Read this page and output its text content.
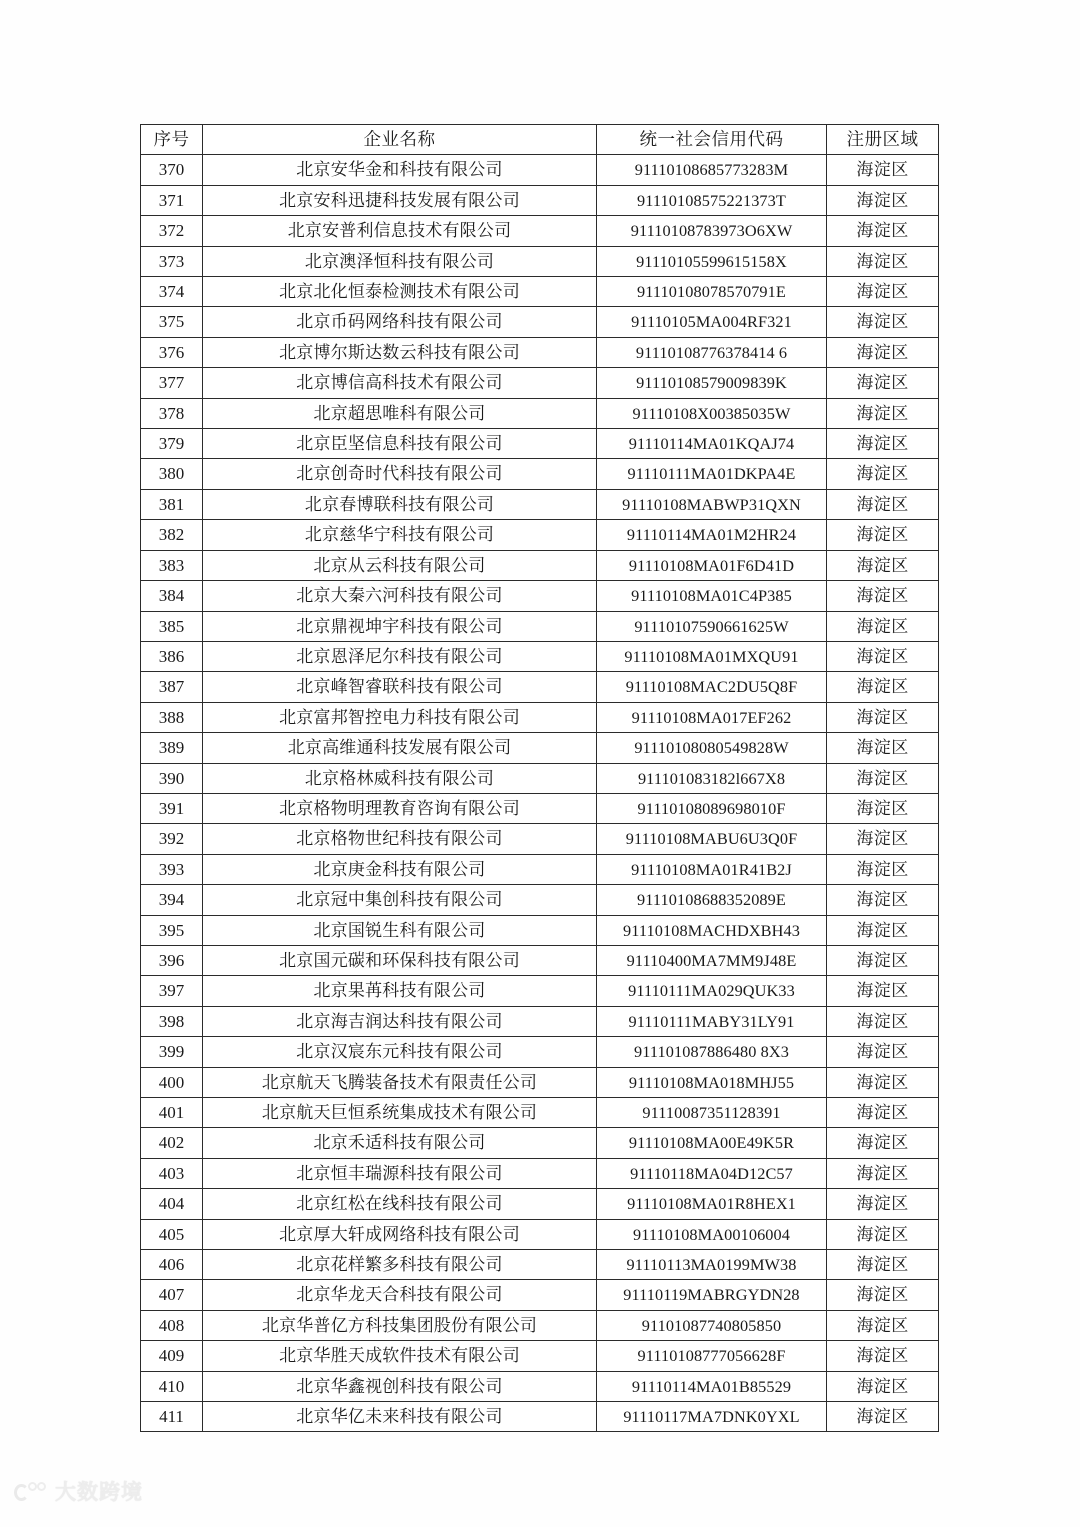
序号	企业名称	统一社会信用代码	注册区域
370	北京安华金和科技有限公司	91110108685773283M	海淀区
371	北京安科迅捷科技发展有限公司	91110108575221373T	海淀区
372	北京安普利信息技术有限公司	91110108783973O6XW	海淀区
373	北京澳泽恒科技有限公司	91110105599615158X	海淀区
374	北京北化恒泰检测技术有限公司	91110108078570791E	海淀区
375	北京币码网络科技有限公司	91110105MA004RF321	海淀区
376	北京博尔斯达数云科技有限公司	91110108776378414 6	海淀区
377	北京博信高科技术有限公司	91110108579009839K	海淀区
378	北京超思唯科有限公司	91110108X00385035W	海淀区
379	北京臣坚信息科技有限公司	91110114MA01KQAJ74	海淀区
380	北京创奇时代科技有限公司	91110111MA01DKPA4E	海淀区
381	北京春博联科技有限公司	91110108MABWP31QXN	海淀区
382	北京慈华宁科技有限公司	91110114MA01M2HR24	海淀区
383	北京从云科技有限公司	91110108MA01F6D41D	海淀区
384	北京大秦六河科技有限公司	91110108MA01C4P385	海淀区
385	北京鼎视坤宇科技有限公司	91110107590661625W	海淀区
386	北京恩泽尼尔科技有限公司	91110108MA01MXQU91	海淀区
387	北京峰智睿联科技有限公司	91110108MAC2DU5Q8F	海淀区
388	北京富邦智控电力科技有限公司	91110108MA017EF262	海淀区
389	北京高维通科技发展有限公司	91110108080549828W	海淀区
390	北京格林威科技有限公司	911101083182l667X8	海淀区
391	北京格物明理教育咨询有限公司	91110108089698010F	海淀区
392	北京格物世纪科技有限公司	91110108MABU6U3Q0F	海淀区
393	北京庚金科技有限公司	91110108MA01R41B2J	海淀区
394	北京冠中集创科技有限公司	91110108688352089E	海淀区
395	北京国锐生科有限公司	91110108MACHDXBH43	海淀区
396	北京国元碳和环保科技有限公司	91110400MA7MM9J48E	海淀区
397	北京果苒科技有限公司	91110111MA029QUK33	海淀区
398	北京海吉润达科技有限公司	91110111MABY31LY91	海淀区
399	北京汉宸东元科技有限公司	911101087886480 8X3	海淀区
400	北京航天飞腾装备技术有限责任公司	91110108MA018MHJ55	海淀区
401	北京航天巨恒系统集成技术有限公司	91110087351128391	海淀区
402	北京禾适科技有限公司	91110108MA00E49K5R	海淀区
403	北京恒丰瑞源科技有限公司	91110118MA04D12C57	海淀区
404	北京红松在线科技有限公司	91110108MA01R8HEX1	海淀区
405	北京厚大轩成网络科技有限公司	91110108MA00106004	海淀区
406	北京花样繁多科技有限公司	91110113MA0199MW38	海淀区
407	北京华龙天合科技有限公司	91110119MABRGYDN28	海淀区
408	北京华普亿方科技集团股份有限公司	91101087740805850	海淀区
409	北京华胜天成软件技术有限公司	91110108777056628F	海淀区
410	北京华鑫视创科技有限公司	91110114MA01B85529	海淀区
411	北京华亿未来科技有限公司	91110117MA7DNK0YXL	海淀区
大数跨境
